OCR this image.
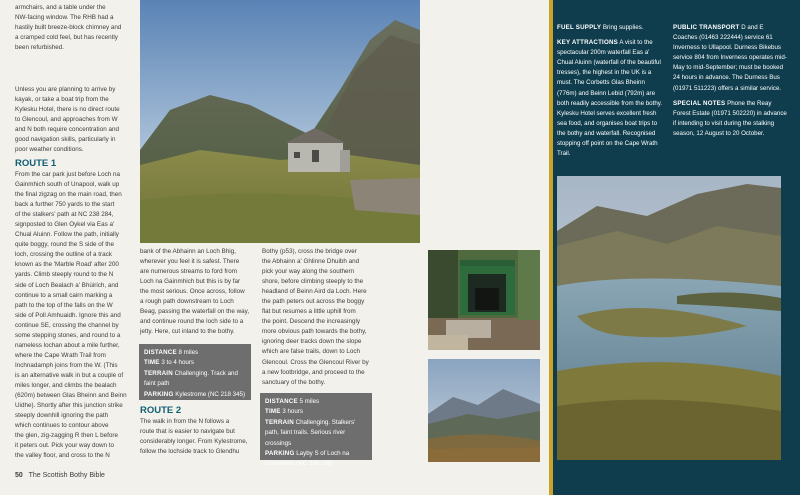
armchairs, and a table under the
NW-facing window. The RHB had a
hastily built breeze-block chimney and
a cramped cold feel, but has recently
been refurbished.
Unless you are planning to arrive by
kayak, or take a boat trip from the
Kylesku Hotel, there is no direct route
to Glencoul, and approaches from W
and N both require concentration and
good navigation skills, particularly in
poor weather conditions.
ROUTE 1
From the car park just before Loch na
Gainmhich south of Unapool, walk up
the final zigzag on the main road, then
back a further 750 yards to the start
of the stalkers' path at NC 238 284,
signposted to Glen Oykel via Eas a'
Chual Aluinn. Follow the path, initially
quite boggy, round the S side of the
loch, crossing the outline of a track
known as the 'Marble Road' after 200
yards. Climb steeply round to the N
side of Loch Bealach a' Bhùirich, and
continue to a small cairn marking a
path to the top of the falls on the W
side of Poll Amhuaidh. Ignore this and
continue SE, crossing the channel by
some stepping stones, and round to a
nameless lochan about a mile further,
where the Cape Wrath Trail from
Inchnadamph joins from the W. (This
is an alternative walk in but a couple of
miles longer, and climbs the bealach
(620m) between Glas Bheinn and Beinn
Uidhe). Shortly after this junction strike
steeply downhill ignoring the path
which continues to contour above
the glen, zig-zagging R then L before
it peters out. Pick your way down to
the valley floor, and cross to the N
bank of the Abhainn an Loch Bhig,
wherever you feel it is safest. There
are numerous streams to ford from
Loch na Gainmhich but this is by far
the most serious. Once across, follow
a rough path downstream to Loch
Beag, passing the waterfall on the way,
and continue round the loch side to a
jetty. Here, cut inland to the bothy.
DISTANCE 8 miles
TIME 3 to 4 hours
TERRAIN Challenging. Track and faint path
PARKING Kylestrome (NC 218 345)
ROUTE 2
The walk in from the N follows a
route that is easier to navigate but
considerably longer. From Kylestrome,
follow the lochside track to Glendhu
Bothy (p53), cross the bridge over
the Abhainn a' Ghlinne Dhuibh and
pick your way along the southern
shore, before climbing steeply to the
headland of Beinn Aird da Loch. Here
the path peters out across the boggy
flat but resumes a little uphill from
the point. Descend the increasingly
more obvious path towards the bothy,
ignoring deer tracks down the slope
which are false trails, down to Loch
Glencoul. Cross the Glencoul River by
a new footbridge, and proceed to the
sanctuary of the bothy.
DISTANCE 5 miles
TIME 3 hours
TERRAIN Challenging. Stalkers' path, faint trails. Serious river crossings
PARKING Layby S of Loch na Gainmhich (NC 238 285)

FUEL SUPPLY Bring supplies.

KEY ATTRACTIONS A visit to the spectacular 200m waterfall Eas a' Chual Aluinn (waterfall of the beautiful tresses), the highest in the UK is a must. The Corbetts Glas Bheinn (776m) and Beinn Lebid (792m) are both readily accessible from the bothy. Kylesku Hotel serves excellent fresh sea food, and organises boat trips to the bothy and waterfall. Recognised stopping off point on the Cape Wrath Trail.

PUBLIC TRANSPORT D and E Coaches (01463 222444) service 61 Inverness to Ullapool. Durness Bikebus service 804 from Inverness operates mid-May to mid-September; must be booked 24 hours in advance. The Durness Bus (01971 511223) offers a similar service.

SPECIAL NOTES Phone the Reay Forest Estate (01971 502220) in advance if intending to visit during the stalking season, 12 August to 20 October.

50 The Scottish Bothy Bible
